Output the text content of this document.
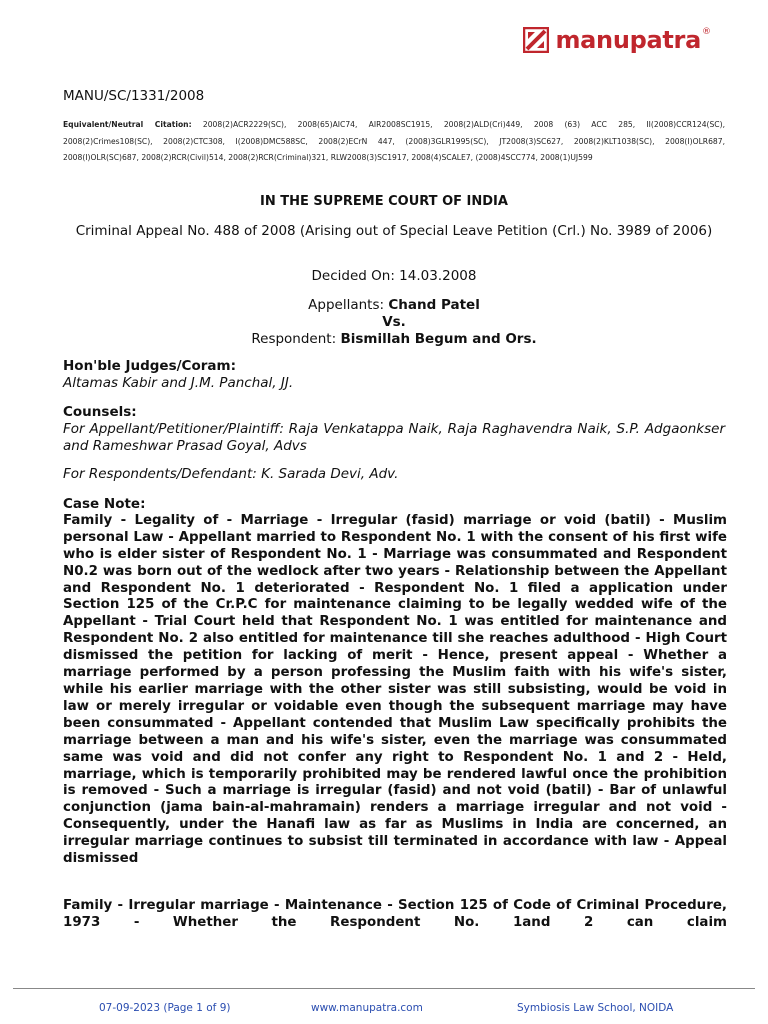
manupatra ®
MANU/SC/1331/2008
Equivalent/Neutral Citation: 2008(2)ACR2229(SC), 2008(65)AIC74, AIR2008SC1915, 2008(2)ALD(Cri)449, 2008 (63) ACC 285, II(2008)CCR124(SC), 2008(2)Crimes108(SC), 2008(2)CTC308, I(2008)DMC588SC, 2008(2)ECrN 447, (2008)3GLR1995(SC), JT2008(3)SC627, 2008(2)KLT1038(SC), 2008(I)OLR687, 2008(I)OLR(SC)687, 2008(2)RCR(Civil)514, 2008(2)RCR(Criminal)321, RLW2008(3)SC1917, 2008(4)SCALE7, (2008)4SCC774, 2008(1)UJ599
IN THE SUPREME COURT OF INDIA
Criminal Appeal No. 488 of 2008 (Arising out of Special Leave Petition (Crl.) No. 3989 of 2006)
Decided On: 14.03.2008
Appellants: Chand Patel
Vs.
Respondent: Bismillah Begum and Ors.
Hon'ble Judges/Coram:
Altamas Kabir and J.M. Panchal, JJ.
Counsels:
For Appellant/Petitioner/Plaintiff: Raja Venkatappa Naik, Raja Raghavendra Naik, S.P. Adgaonkser and Rameshwar Prasad Goyal, Advs
For Respondents/Defendant: K. Sarada Devi, Adv.
Case Note:
Family - Legality of - Marriage - Irregular (fasid) marriage or void (batil) - Muslim personal Law - Appellant married to Respondent No. 1 with the consent of his first wife who is elder sister of Respondent No. 1 - Marriage was consummated and Respondent N0.2 was born out of the wedlock after two years - Relationship between the Appellant and Respondent No. 1 deteriorated - Respondent No. 1 filed a application under Section 125 of the Cr.P.C for maintenance claiming to be legally wedded wife of the Appellant - Trial Court held that Respondent No. 1 was entitled for maintenance and Respondent No. 2 also entitled for maintenance till she reaches adulthood - High Court dismissed the petition for lacking of merit - Hence, present appeal - Whether a marriage performed by a person professing the Muslim faith with his wife's sister, while his earlier marriage with the other sister was still subsisting, would be void in law or merely irregular or voidable even though the subsequent marriage may have been consummated - Appellant contended that Muslim Law specifically prohibits the marriage between a man and his wife's sister, even the marriage was consummated same was void and did not confer any right to Respondent No. 1 and 2 - Held, marriage, which is temporarily prohibited may be rendered lawful once the prohibition is removed - Such a marriage is irregular (fasid) and not void (batil) - Bar of unlawful conjunction (jama bain-al-mahramain) renders a marriage irregular and not void - Consequently, under the Hanafi law as far as Muslims in India are concerned, an irregular marriage continues to subsist till terminated in accordance with law - Appeal dismissed
Family - Irregular marriage - Maintenance - Section 125 of Code of Criminal Procedure, 1973 - Whether the Respondent No. 1and 2 can claim
07-09-2023 (Page 1 of 9)	www.manupatra.com	Symbiosis Law School, NOIDA
